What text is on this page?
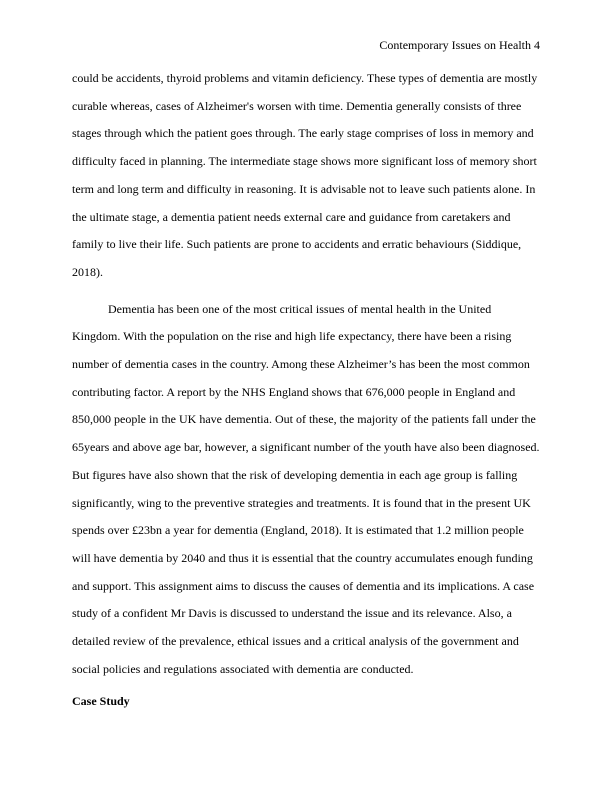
Contemporary Issues on Health 4

could be accidents, thyroid problems and vitamin deficiency. These types of dementia are mostly curable whereas, cases of Alzheimer's worsen with time. Dementia generally consists of three stages through which the patient goes through. The early stage comprises of loss in memory and difficulty faced in planning. The intermediate stage shows more significant loss of memory short term and long term and difficulty in reasoning. It is advisable not to leave such patients alone. In the ultimate stage, a dementia patient needs external care and guidance from caretakers and family to live their life. Such patients are prone to accidents and erratic behaviours (Siddique, 2018).

Dementia has been one of the most critical issues of mental health in the United Kingdom. With the population on the rise and high life expectancy, there have been a rising number of dementia cases in the country. Among these Alzheimer’s has been the most common contributing factor. A report by the NHS England shows that 676,000 people in England and 850,000 people in the UK have dementia. Out of these, the majority of the patients fall under the 65years and above age bar, however, a significant number of the youth have also been diagnosed. But figures have also shown that the risk of developing dementia in each age group is falling significantly, wing to the preventive strategies and treatments. It is found that in the present UK spends over £23bn a year for dementia (England, 2018). It is estimated that 1.2 million people will have dementia by 2040 and thus it is essential that the country accumulates enough funding and support. This assignment aims to discuss the causes of dementia and its implications. A case study of a confident Mr Davis is discussed to understand the issue and its relevance. Also, a detailed review of the prevalence, ethical issues and a critical analysis of the government and social policies and regulations associated with dementia are conducted.

Case Study
